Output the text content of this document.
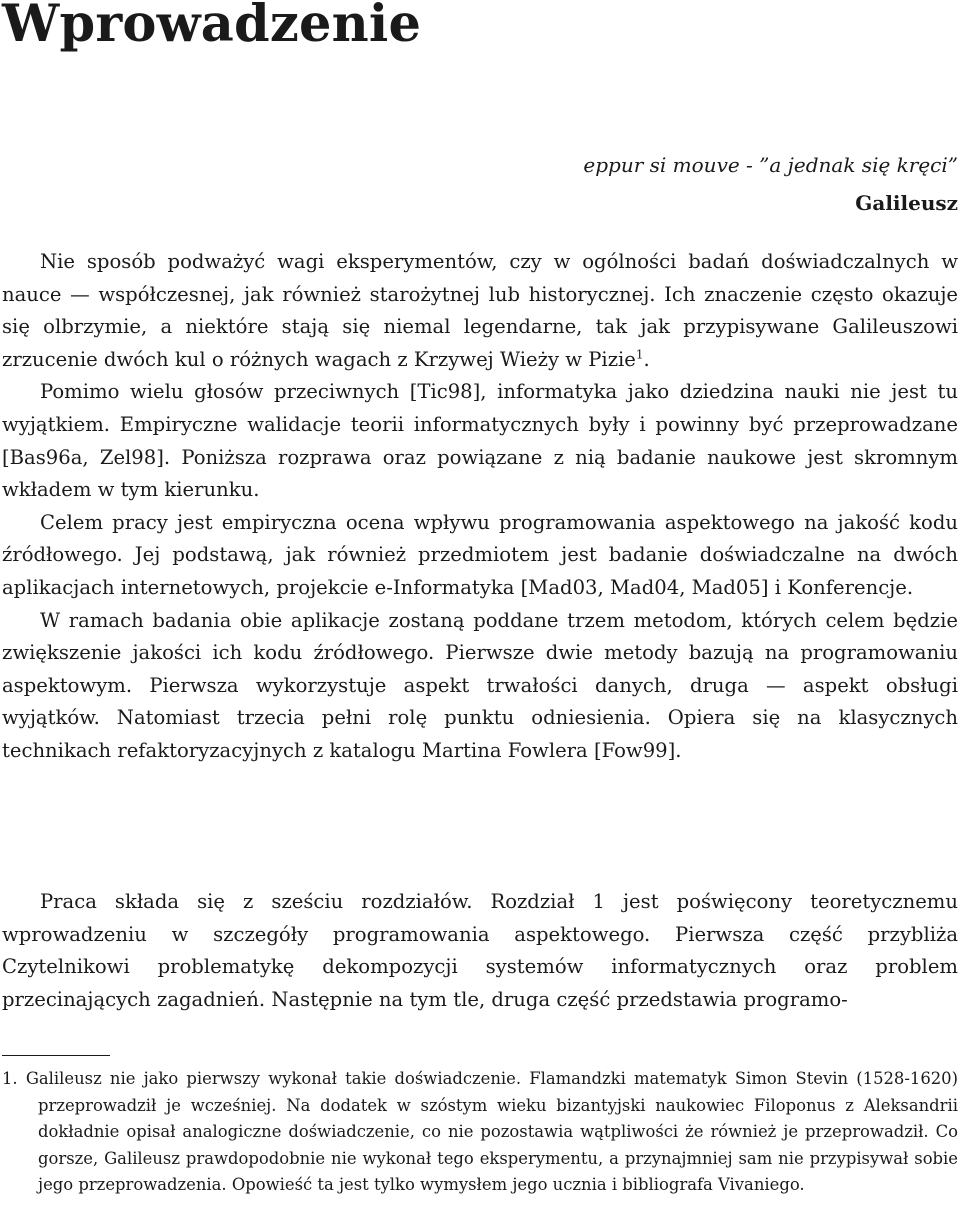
Wprowadzenie
eppur si mouve - ”a jednak się kręci”
Galileusz

Nie sposób podważyć wagi eksperymentów, czy w ogólności badań doświadczalnych w nauce — współczesnej, jak również starożytnej lub historycznej. Ich znaczenie często okazuje się olbrzymie, a niektóre stają się niemal legendarne, tak jak przypisywane Galileuszowi zrzucenie dwóch kul o różnych wagach z Krzywej Wieży w Pizie$^1$.

Pomimo wielu głosów przeciwnych [Tic98], informatyka jako dziedzina nauki nie jest tu wyjątkiem. Empiryczne walidacje teorii informatycznych były i powinny być przeprowadzane [Bas96a, Zel98]. Poniższa rozprawa oraz powiązane z nią badanie naukowe jest skromnym wkładem w tym kierunku.

Celem pracy jest empiryczna ocena wpływu programowania aspektowego na jakość kodu źródłowego. Jej podstawą, jak również przedmiotem jest badanie doświadczalne na dwóch aplikacjach internetowych, projekcie e-Informatyka [Mad03, Mad04, Mad05] i Konferencje.

W ramach badania obie aplikacje zostaną poddane trzem metodom, których celem będzie zwiększenie jakości ich kodu źródłowego. Pierwsze dwie metody bazują na programowaniu aspektowym. Pierwsza wykorzystuje aspekt trwałości danych, druga — aspekt obsługi wyjątków. Natomiast trzecia pełni rolę punktu odniesienia. Opiera się na klasycznych technikach refaktoryzacyjnych z katalogu Martina Fowlera [Fow99].

Praca składa się z sześciu rozdziałów. Rozdział 1 jest poświęcony teoretycznemu wprowadzeniu w szczegóły programowania aspektowego. Pierwsza część przybliża Czytelnikowi problematykę dekompozycji systemów informatycznych oraz problem przecinających zagadnień. Następnie na tym tle, druga część przedstawia programo-

1. Galileusz nie jako pierwszy wykonał takie doświadczenie. Flamandzki matematyk Simon Stevin (1528-1620) przeprowadził je wcześniej. Na dodatek w szóstym wieku bizantyjski naukowiec Filoponus z Aleksandrii dokładnie opisał analogiczne doświadczenie, co nie pozostawia wątpliwości że również je przeprowadził. Co gorsze, Galileusz prawdopodobnie nie wykonał tego eksperymentu, a przynajmniej sam nie przypisywał sobie jego przeprowadzenia. Opowieść ta jest tylko wymysłem jego ucznia i bibliografa Vivaniego.
